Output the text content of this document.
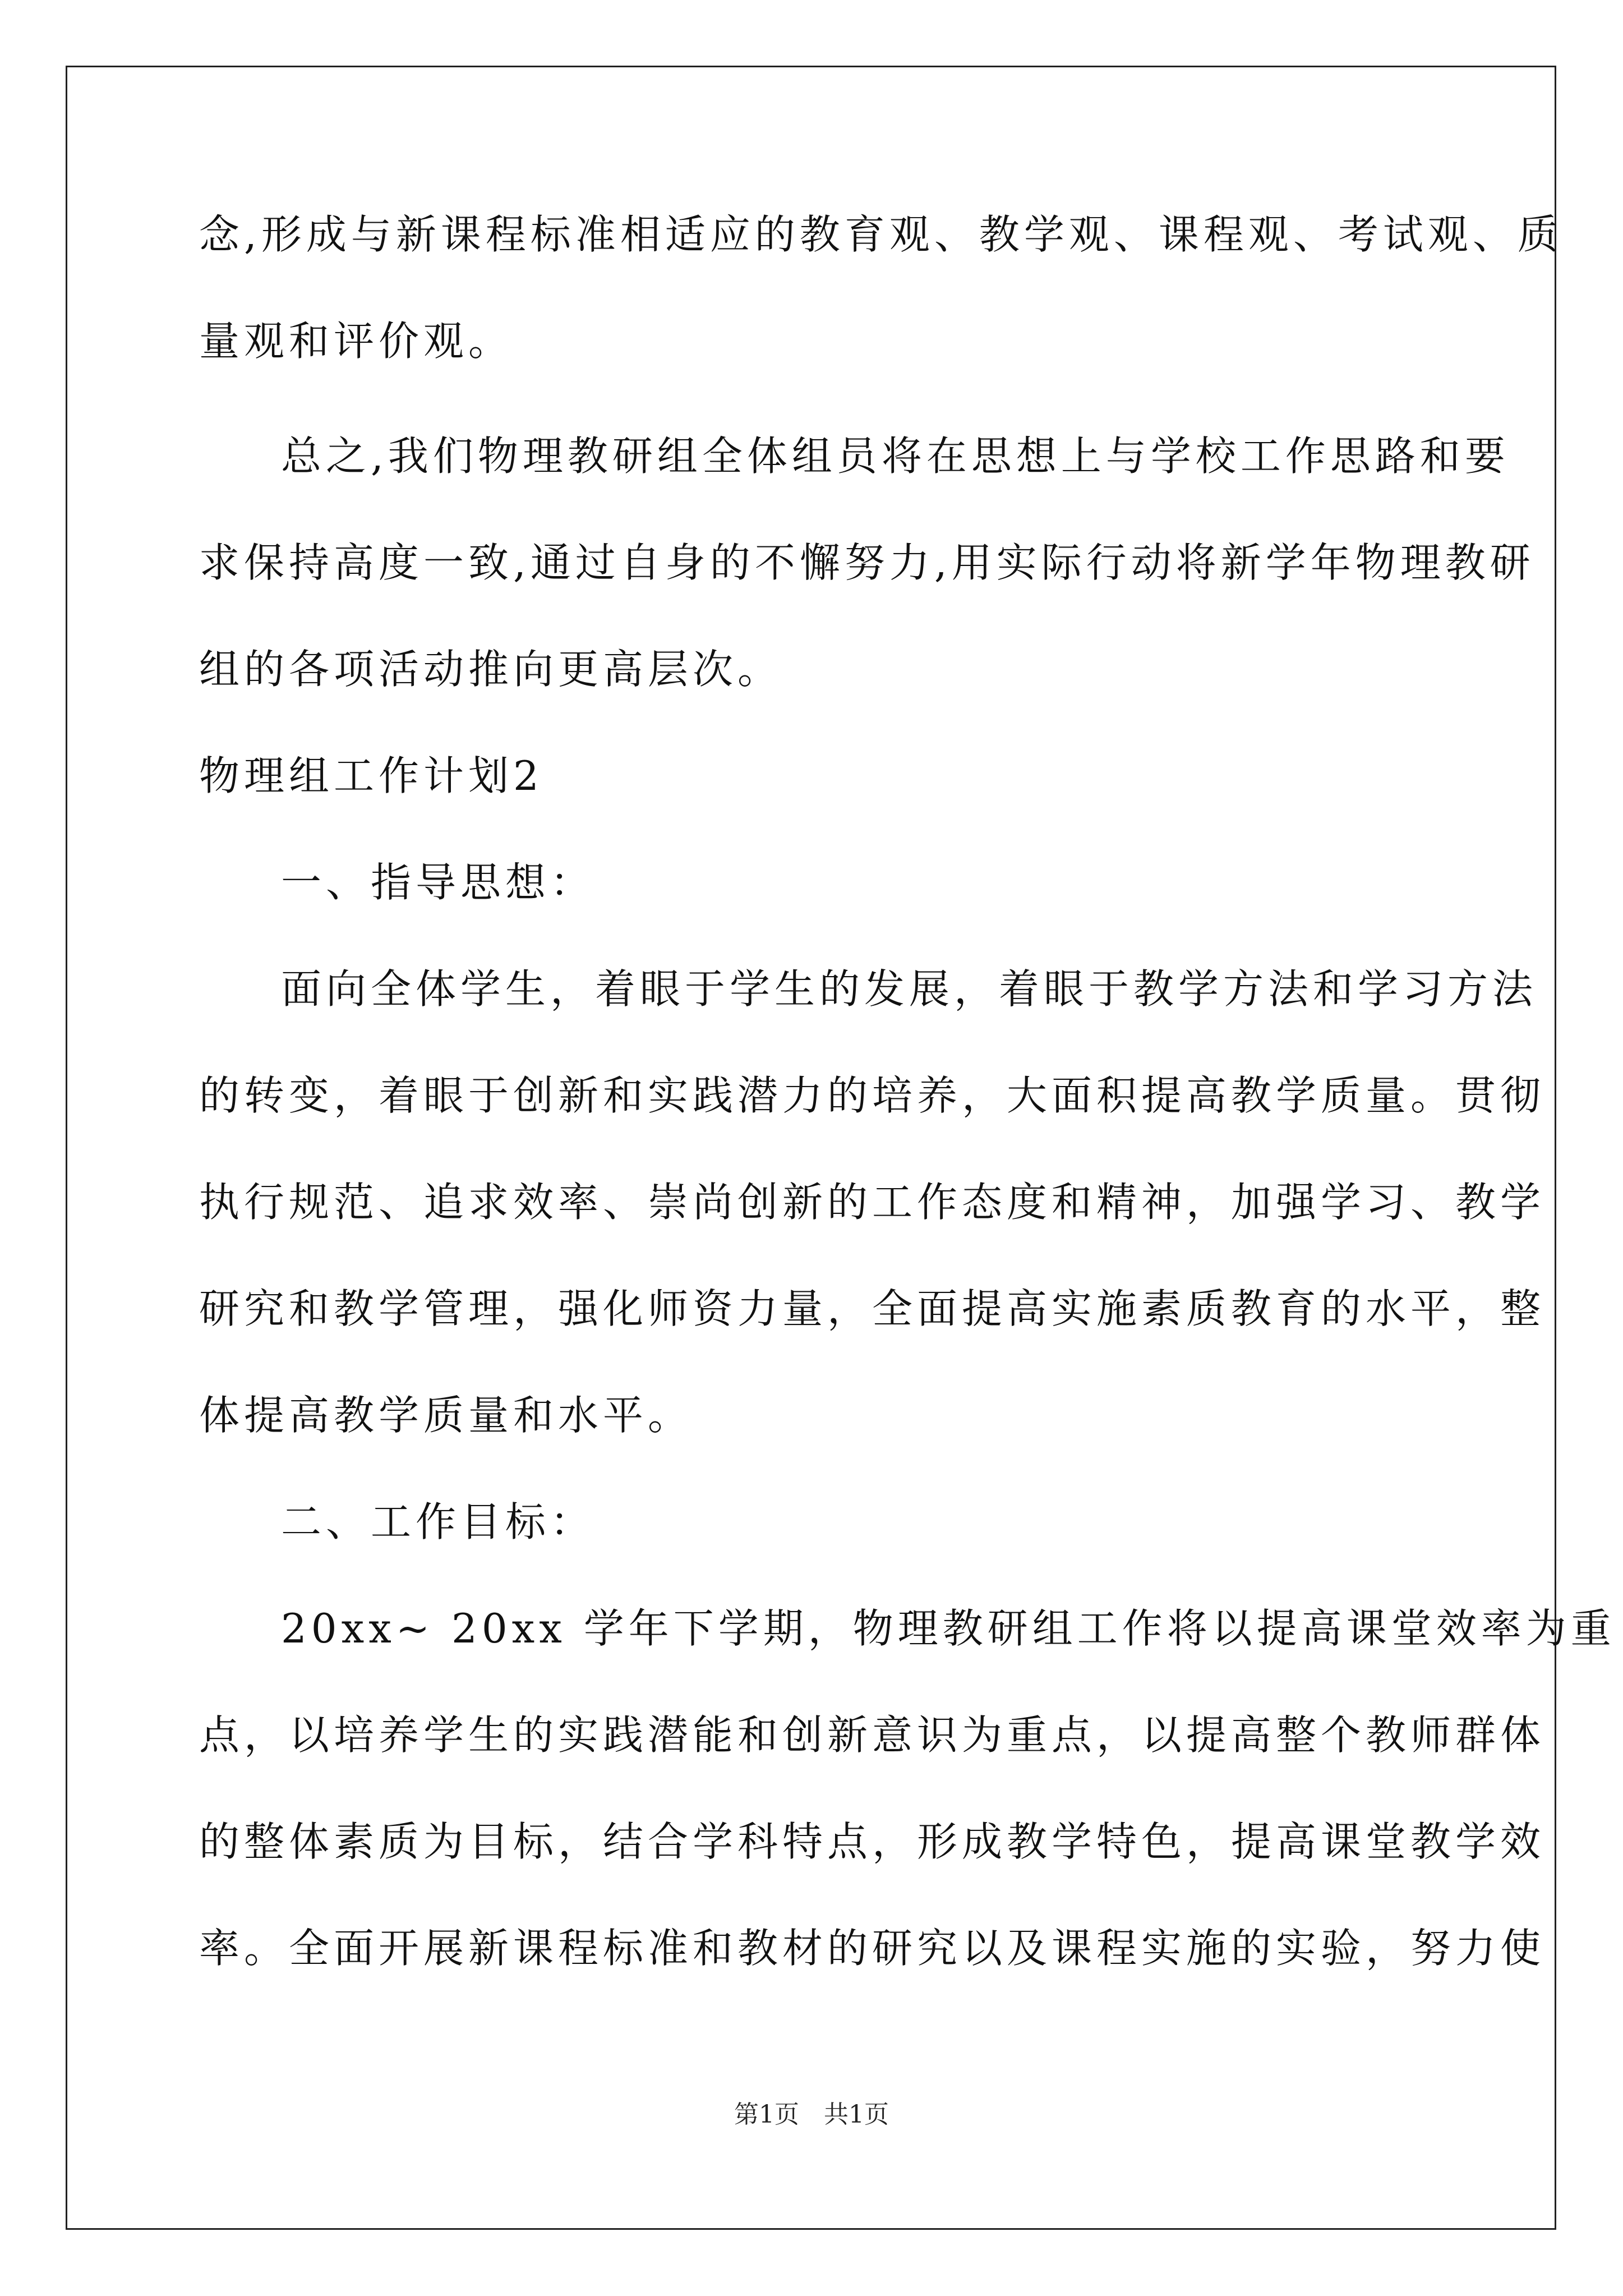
念,形成与新课程标准相适应的教育观、教学观、课程观、考试观、质
量观和评价观。
总之,我们物理教研组全体组员将在思想上与学校工作思路和要
求保持高度一致,通过自身的不懈努力,用实际行动将新学年物理教研
组的各项活动推向更高层次。
物理组工作计划2
一、指导思想：
面向全体学生，着眼于学生的发展，着眼于教学方法和学习方法
的转变，着眼于创新和实践潜力的培养，大面积提高教学质量。贯彻
执行规范、追求效率、崇尚创新的工作态度和精神，加强学习、教学
研究和教学管理，强化师资力量，全面提高实施素质教育的水平，整
体提高教学质量和水平。
二、工作目标：
20xx~ 20xx 学年下学期，物理教研组工作将以提高课堂效率为重
点，以培养学生的实践潜能和创新意识为重点，以提高整个教师群体
的整体素质为目标，结合学科特点，形成教学特色，提高课堂教学效
率。全面开展新课程标准和教材的研究以及课程实施的实验，努力使
第1页　共1页
